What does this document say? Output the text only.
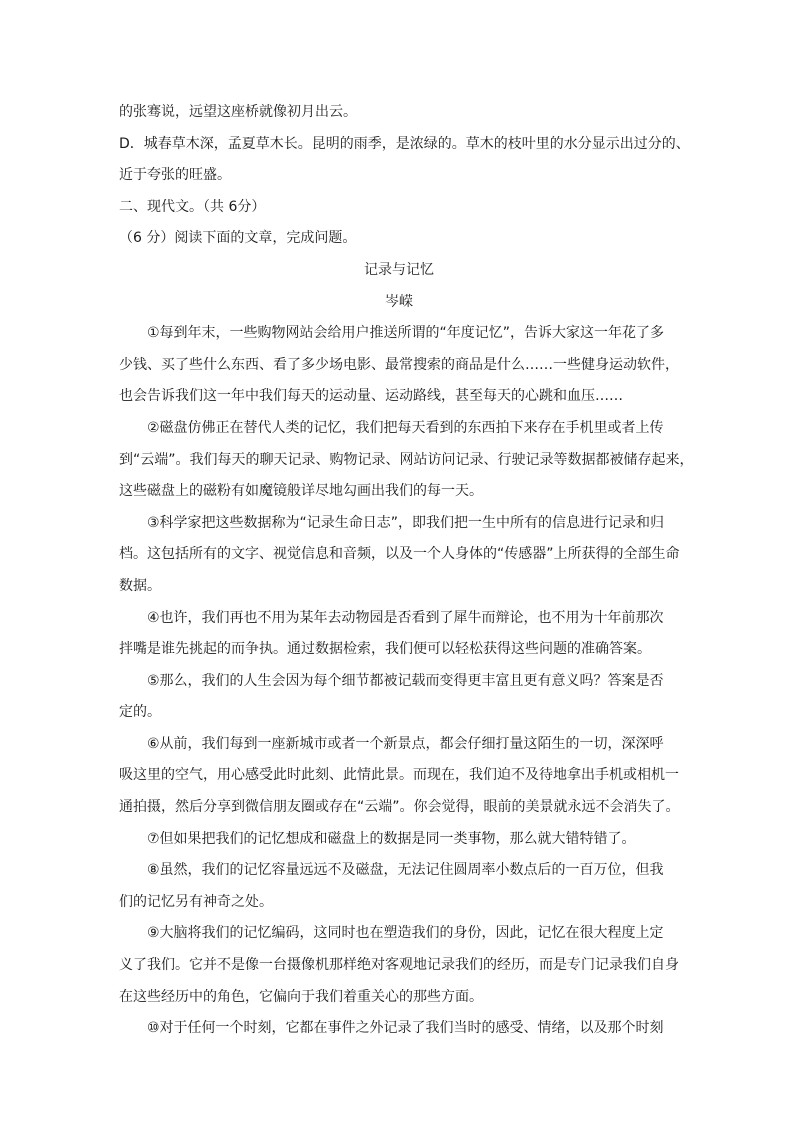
的张骞说，远望这座桥就像初月出云。
D．城春草木深，孟夏草木长。昆明的雨季，是浓绿的。草木的枝叶里的水分显示出过分的、
近于夸张的旺盛。
二、现代文。（共 6分）
（6 分）阅读下面的文章，完成问题。
记录与记忆
岑嵘
①每到年末，一些购物网站会给用户推送所谓的“年度记忆”，告诉大家这一年花了多
少钱、买了些什么东西、看了多少场电影、最常搜索的商品是什么……一些健身运动软件，
也会告诉我们这一年中我们每天的运动量、运动路线，甚至每天的心跳和血压……
②磁盘仿佛正在替代人类的记忆，我们把每天看到的东西拍下来存在手机里或者上传
到“云端”。我们每天的聊天记录、购物记录、网站访问记录、行驶记录等数据都被储存起来，
这些磁盘上的磁粉有如魔镜般详尽地勾画出我们的每一天。
③科学家把这些数据称为“记录生命日志”，即我们把一生中所有的信息进行记录和归
档。这包括所有的文字、视觉信息和音频，以及一个人身体的“传感器”上所获得的全部生命
数据。
④也许，我们再也不用为某年去动物园是否看到了犀牛而辩论，也不用为十年前那次
拌嘴是谁先挑起的而争执。通过数据检索，我们便可以轻松获得这些问题的准确答案。
⑤那么，我们的人生会因为每个细节都被记载而变得更丰富且更有意义吗？答案是否
定的。
⑥从前，我们每到一座新城市或者一个新景点，都会仔细打量这陌生的一切，深深呼
吸这里的空气，用心感受此时此刻、此情此景。而现在，我们迫不及待地拿出手机或相机一
通拍摄，然后分享到微信朋友圈或存在“云端”。你会觉得，眼前的美景就永远不会消失了。
⑦但如果把我们的记忆想成和磁盘上的数据是同一类事物，那么就大错特错了。
⑧虽然，我们的记忆容量远远不及磁盘，无法记住圆周率小数点后的一百万位，但我
们的记忆另有神奇之处。
⑨大脑将我们的记忆编码，这同时也在塑造我们的身份，因此，记忆在很大程度上定
义了我们。它并不是像一台摄像机那样绝对客观地记录我们的经历，而是专门记录我们自身
在这些经历中的角色，它偏向于我们着重关心的那些方面。
⑩对于任何一个时刻，它都在事件之外记录了我们当时的感受、情绪，以及那个时刻
